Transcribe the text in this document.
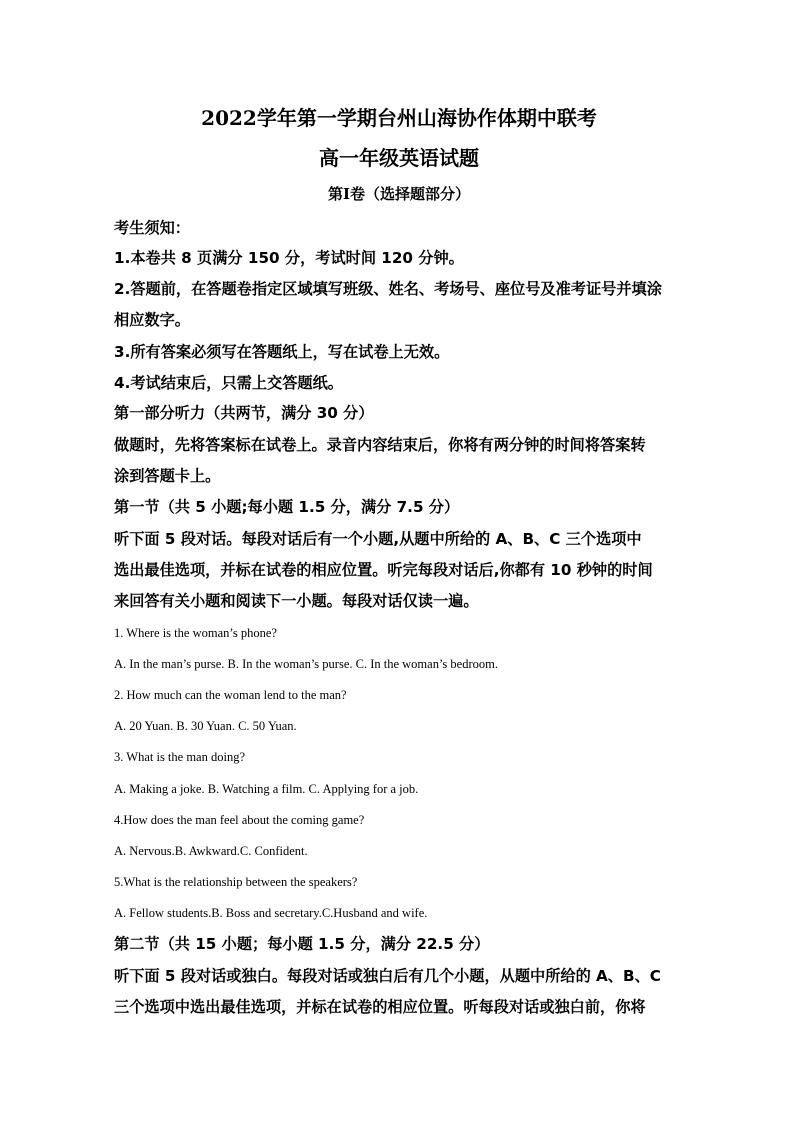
2022学年第一学期台州山海协作体期中联考
高一年级英语试题
第I卷（选择题部分）
考生须知：
1.本卷共 8 页满分 150 分，考试时间 120 分钟。
2.答题前，在答题卷指定区域填写班级、姓名、考场号、座位号及准考证号并填涂
相应数字。
3.所有答案必须写在答题纸上，写在试卷上无效。
4.考试结束后，只需上交答题纸。
第一部分听力（共两节，满分 30 分）
做题时，先将答案标在试卷上。录音内容结束后，你将有两分钟的时间将答案转
涂到答题卡上。
第一节（共 5 小题;每小题 1.5 分，满分 7.5 分）
听下面 5 段对话。每段对话后有一个小题,从题中所给的 A、B、C 三个选项中
选出最佳选项，并标在试卷的相应位置。听完每段对话后,你都有 10 秒钟的时间
来回答有关小题和阅读下一小题。每段对话仅读一遍。
1. Where is the woman’s phone?
A. In the man’s purse. B. In the woman’s purse. C. In the woman’s bedroom.
2. How much can the woman lend to the man?
A. 20 Yuan. B. 30 Yuan. C. 50 Yuan.
3. What is the man doing?
A. Making a joke. B. Watching a film. C. Applying for a job.
4.How does the man feel about the coming game?
A. Nervous.B. Awkward.C. Confident.
5.What is the relationship between the speakers?
A. Fellow students.B. Boss and secretary.C.Husband and wife.
第二节（共 15 小题；每小题 1.5 分，满分 22.5 分）
听下面 5 段对话或独白。每段对话或独白后有几个小题，从题中所给的 A、B、C
三个选项中选出最佳选项，并标在试卷的相应位置。听每段对话或独白前，你将
